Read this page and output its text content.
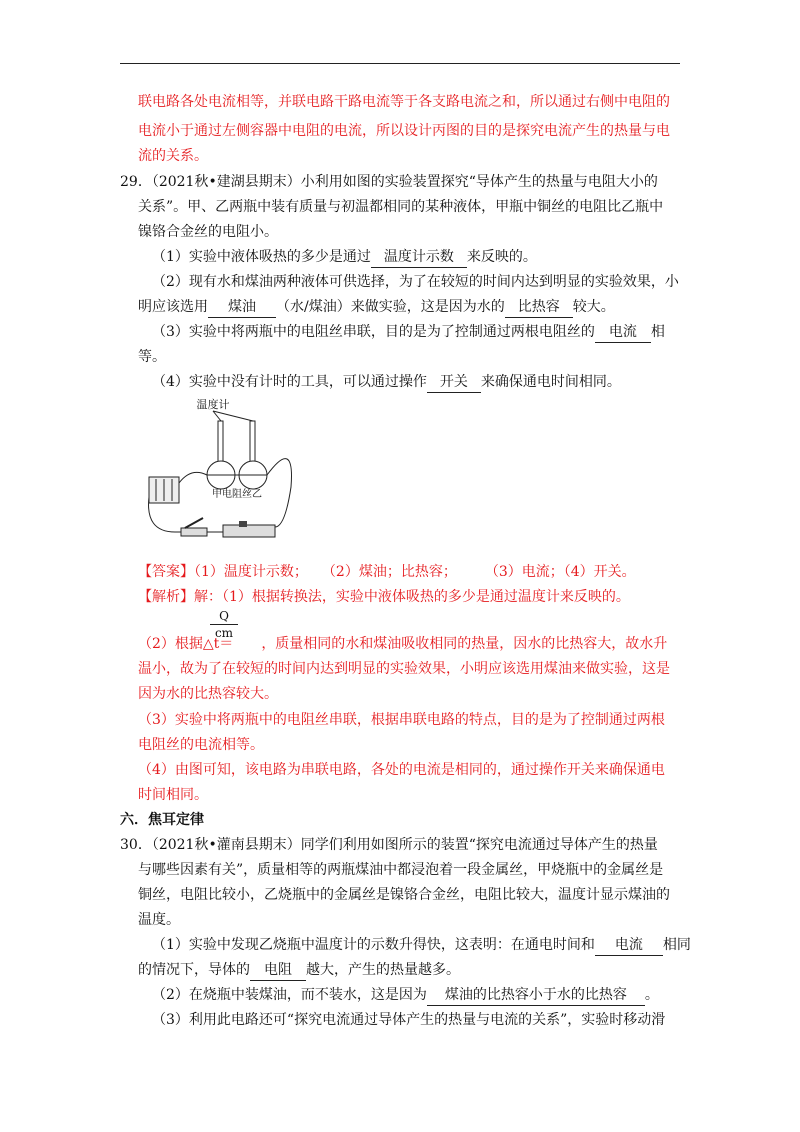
联电路各处电流相等，并联电路干路电流等于各支路电流之和，所以通过右侧中电阻的
电流小于通过左侧容器中电阻的电流，所以设计丙图的目的是探究电流产生的热量与电
流的关系。
29．（2021秋•建湖县期末）小利用如图的实验装置探究“导体产生的热量与电阻大小的
关系”。甲、乙两瓶中装有质量与初温都相同的某种液体，甲瓶中铜丝的电阻比乙瓶中
镍铬合金丝的电阻小。
（1）实验中液体吸热的多少是通过 温度计示数 来反映的。
（2）现有水和煤油两种液体可供选择，为了在较短的时间内达到明显的实验效果，小
明应该选用 煤油 （水/煤油）来做实验，这是因为水的 比热容 较大。
（3）实验中将两瓶中的电阻丝串联，目的是为了控制通过两根电阻丝的 电流 相
等。
（4）实验中没有计时的工具，可以通过操作 开关 来确保通电时间相同。
温度计
甲电阻丝乙
【答案】（1）温度计示数；　　（2）煤油；比热容；　　　（3）电流；（4）开关。
【解析】解：（1）根据转换法，实验中液体吸热的多少是通过温度计来反映的。
Q
cm
（2）根据△t＝ ，质量相同的水和煤油吸收相同的热量，因水的比热容大，故水升
温小，故为了在较短的时间内达到明显的实验效果，小明应该选用煤油来做实验，这是
因为水的比热容较大。
（3）实验中将两瓶中的电阻丝串联，根据串联电路的特点，目的是为了控制通过两根
电阻丝的电流相等。
（4）由图可知，该电路为串联电路，各处的电流是相同的，通过操作开关来确保通电
时间相同。
六．焦耳定律
30．（2021秋•灌南县期末）同学们利用如图所示的装置“探究电流通过导体产生的热量
与哪些因素有关”，质量相等的两瓶煤油中都浸泡着一段金属丝，甲烧瓶中的金属丝是
铜丝，电阻比较小，乙烧瓶中的金属丝是镍铬合金丝，电阻比较大，温度计显示煤油的
温度。
（1）实验中发现乙烧瓶中温度计的示数升得快，这表明：在通电时间和 电流 相同
的情况下，导体的 电阻 越大，产生的热量越多。
（2）在烧瓶中装煤油，而不装水，这是因为 煤油的比热容小于水的比热容 。
（3）利用此电路还可“探究电流通过导体产生的热量与电流的关系”，实验时移动滑
